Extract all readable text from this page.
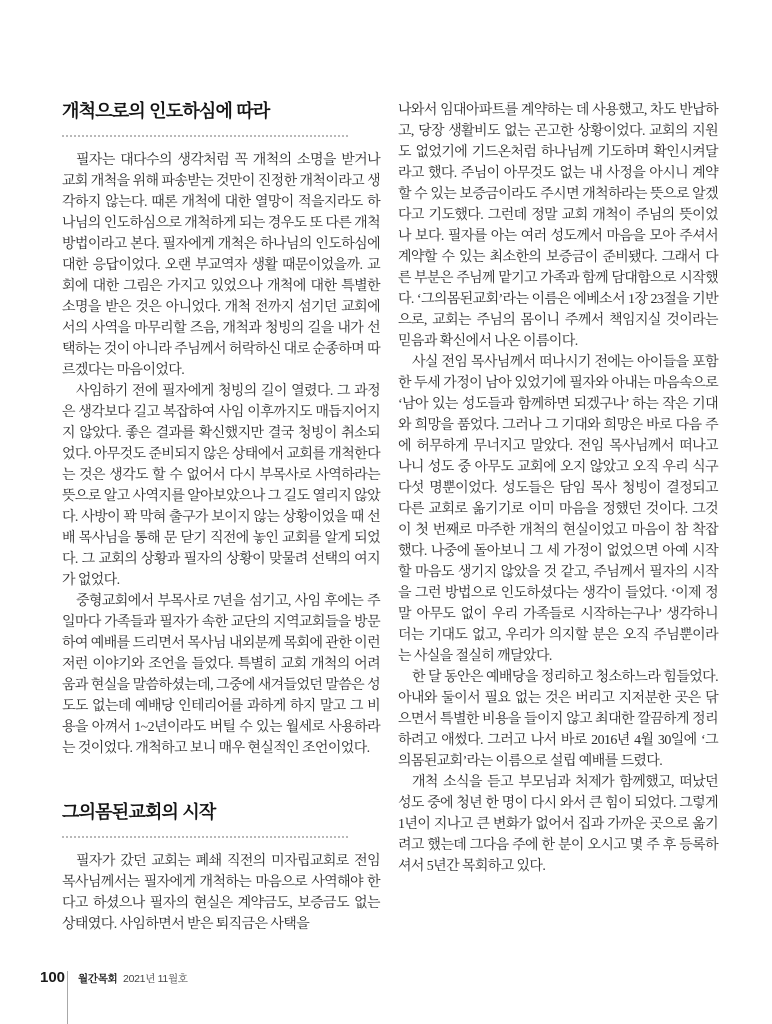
개척으로의 인도하심에 따라

필자는 대다수의 생각처럼 꼭 개척의 소명을 받거나 교회 개척을 위해 파송받는 것만이 진정한 개척이라고 생각하지 않는다. 때론 개척에 대한 열망이 적을지라도 하나님의 인도하심으로 개척하게 되는 경우도 또 다른 개척 방법이라고 본다. 필자에게 개척은 하나님의 인도하심에 대한 응답이었다. 오랜 부교역자 생활 때문이었을까. 교회에 대한 그림은 가지고 있었으나 개척에 대한 특별한 소명을 받은 것은 아니었다. 개척 전까지 섬기던 교회에서의 사역을 마무리할 즈음, 개척과 청빙의 길을 내가 선택하는 것이 아니라 주님께서 허락하신 대로 순종하며 따르겠다는 마음이었다.

사임하기 전에 필자에게 청빙의 길이 열렸다. 그 과정은 생각보다 길고 복잡하여 사임 이후까지도 매듭지어지지 않았다. 좋은 결과를 확신했지만 결국 청빙이 취소되었다. 아무것도 준비되지 않은 상태에서 교회를 개척한다는 것은 생각도 할 수 없어서 다시 부목사로 사역하라는 뜻으로 알고 사역지를 알아보았으나 그 길도 열리지 않았다. 사방이 꽉 막혀 출구가 보이지 않는 상황이었을 때 선배 목사님을 통해 문 닫기 직전에 놓인 교회를 알게 되었다. 그 교회의 상황과 필자의 상황이 맞물려 선택의 여지가 없었다.

중형교회에서 부목사로 7년을 섬기고, 사임 후에는 주일마다 가족들과 필자가 속한 교단의 지역교회들을 방문하여 예배를 드리면서 목사님 내외분께 목회에 관한 이런저런 이야기와 조언을 들었다. 특별히 교회 개척의 어려움과 현실을 말씀하셨는데, 그중에 새겨들었던 말씀은 성도도 없는데 예배당 인테리어를 과하게 하지 말고 그 비용을 아껴서 1~2년이라도 버틸 수 있는 월세로 사용하라는 것이었다. 개척하고 보니 매우 현실적인 조언이었다.

그의몸된교회의 시작

필자가 갔던 교회는 폐쇄 직전의 미자립교회로 전임 목사님께서는 필자에게 개척하는 마음으로 사역해야 한다고 하셨으나 필자의 현실은 계약금도, 보증금도 없는 상태였다. 사임하면서 받은 퇴직금은 사택을

나와서 임대아파트를 계약하는 데 사용했고, 차도 반납하고, 당장 생활비도 없는 곤고한 상황이었다. 교회의 지원도 없었기에 기드온처럼 하나님께 기도하며 확인시켜달라고 했다. 주님이 아무것도 없는 내 사정을 아시니 계약할 수 있는 보증금이라도 주시면 개척하라는 뜻으로 알겠다고 기도했다. 그런데 정말 교회 개척이 주님의 뜻이었나 보다. 필자를 아는 여러 성도께서 마음을 모아 주셔서 계약할 수 있는 최소한의 보증금이 준비됐다. 그래서 다른 부분은 주님께 맡기고 가족과 함께 담대함으로 시작했다. ‘그의몸된교회’라는 이름은 에베소서 1장 23절을 기반으로, 교회는 주님의 몸이니 주께서 책임지실 것이라는 믿음과 확신에서 나온 이름이다.

사실 전임 목사님께서 떠나시기 전에는 아이들을 포함한 두세 가정이 남아 있었기에 필자와 아내는 마음속으로 ‘남아 있는 성도들과 함께하면 되겠구나’ 하는 작은 기대와 희망을 품었다. 그러나 그 기대와 희망은 바로 다음 주에 허무하게 무너지고 말았다. 전임 목사님께서 떠나고 나니 성도 중 아무도 교회에 오지 않았고 오직 우리 식구 다섯 명뿐이었다. 성도들은 담임 목사 청빙이 결정되고 다른 교회로 옮기기로 이미 마음을 정했던 것이다. 그것이 첫 번째로 마주한 개척의 현실이었고 마음이 참 착잡했다. 나중에 돌아보니 그 세 가정이 없었으면 아예 시작할 마음도 생기지 않았을 것 같고, 주님께서 필자의 시작을 그런 방법으로 인도하셨다는 생각이 들었다. ‘이제 정말 아무도 없이 우리 가족들로 시작하는구나’ 생각하니 더는 기대도 없고, 우리가 의지할 분은 오직 주님뿐이라는 사실을 절실히 깨달았다.

한 달 동안은 예배당을 정리하고 청소하느라 힘들었다. 아내와 둘이서 필요 없는 것은 버리고 지저분한 곳은 닦으면서 특별한 비용을 들이지 않고 최대한 깔끔하게 정리하려고 애썼다. 그러고 나서 바로 2016년 4월 30일에 ‘그의몸된교회’라는 이름으로 설립 예배를 드렸다.

개척 소식을 듣고 부모님과 처제가 함께했고, 떠났던 성도 중에 청년 한 명이 다시 와서 큰 힘이 되었다. 그렇게 1년이 지나고 큰 변화가 없어서 집과 가까운 곳으로 옮기려고 했는데 그다음 주에 한 분이 오시고 몇 주 후 등록하셔서 5년간 목회하고 있다.

100 월간목회 2021년 11월호
